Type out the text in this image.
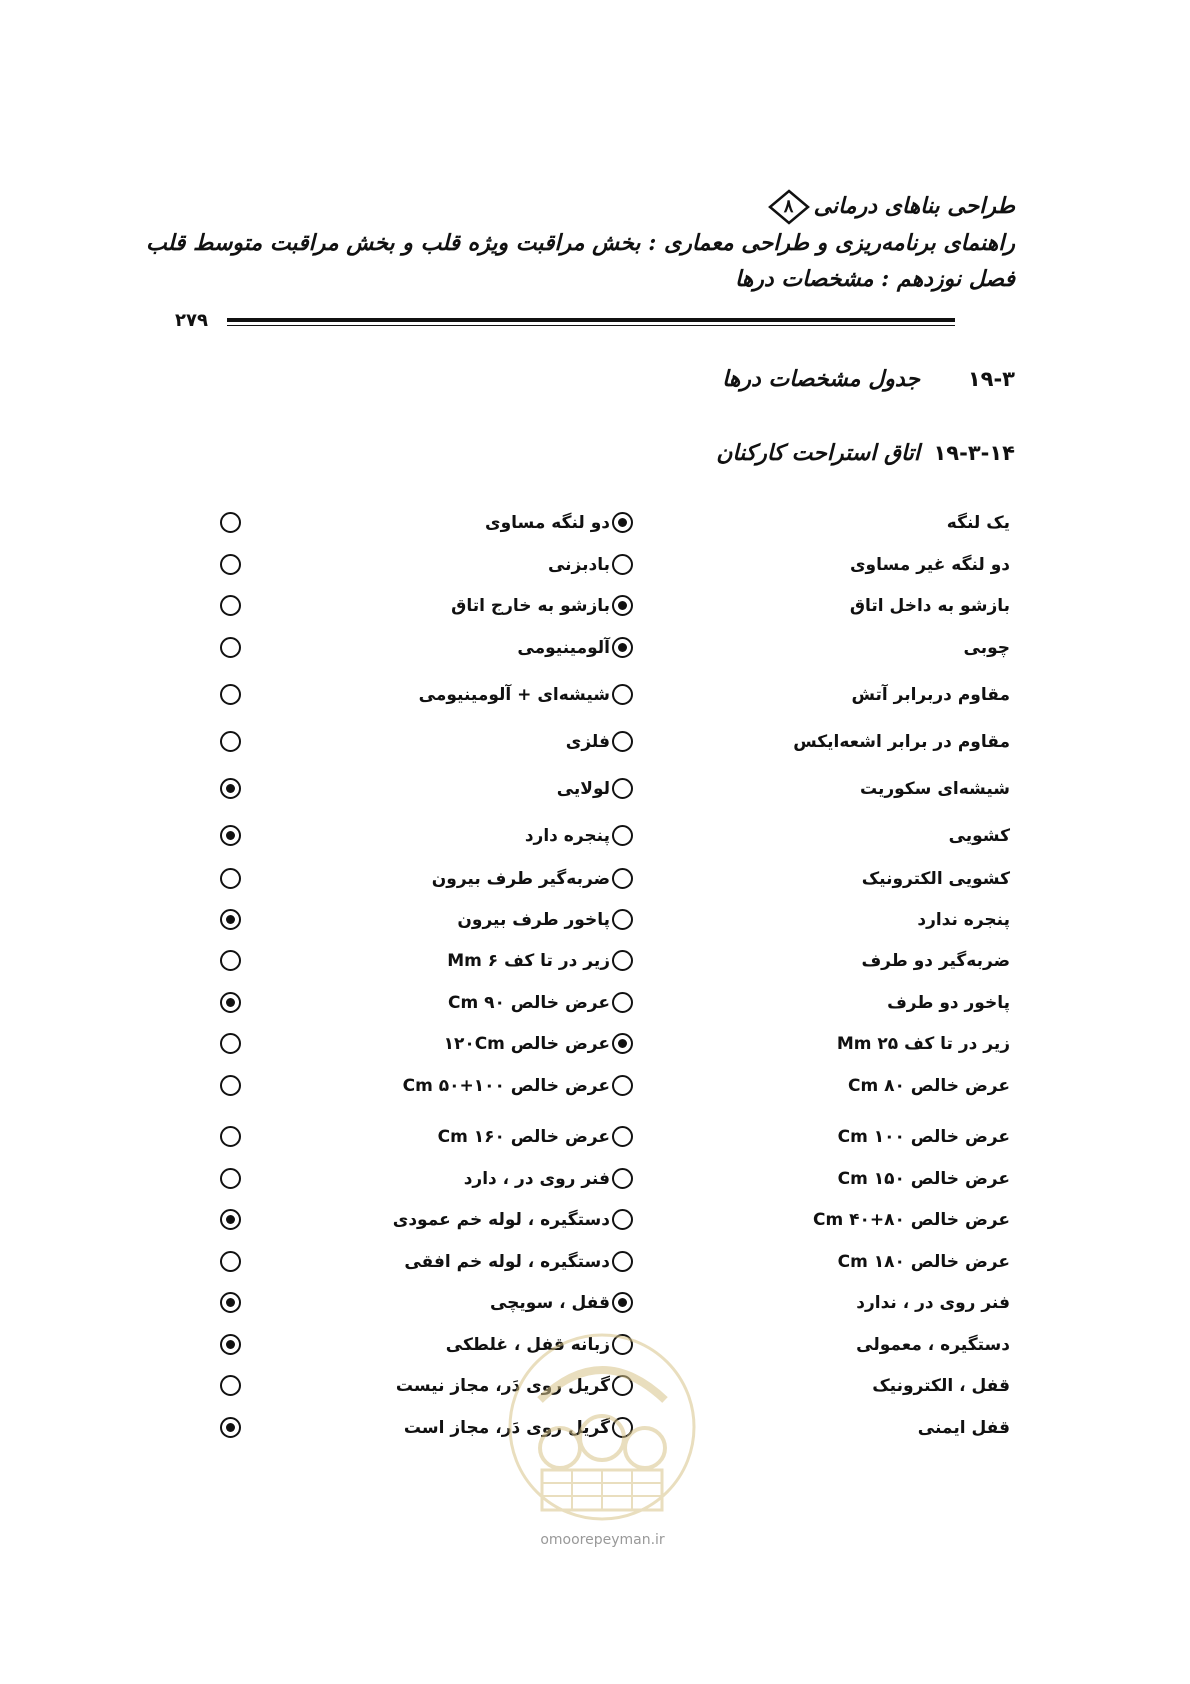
طراحی بناهای درمانی
۸
راهنمای برنامه‌ریزی و طراحی معماری : بخش مراقبت ویژه قلب و بخش مراقبت متوسط قلب
فصل نوزدهم : مشخصات درها
۲۷۹
۱۹-۳جدول مشخصات درها
۱۹-۳-۱۴اتاق استراحت کارکنان
یک لنگه
دو لنگه مساوی
دو لنگه غیر مساوی
بادبزنی
بازشو به داخل اتاق
بازشو به خارج اتاق
چوبی
آلومینیومی
مقاوم دربرابر آتش
شیشه‌ای + آلومینیومی
مقاوم در برابر اشعه‌ایکس
فلزی
شیشه‌ای سکوریت
لولایی
کشویی
پنجره دارد
کشویی الکترونیک
ضربه‌گیر طرف بیرون
پنجره ندارد
پاخور طرف بیرون
ضربه‌گیر دو طرف
زیر در تا کف Mm ۶
پاخور دو طرف
عرض خالص Cm ۹۰
زیر در تا کف Mm ۲۵
عرض خالص ۱۲۰Cm
عرض خالص Cm ۸۰
عرض خالص Cm ۵۰+۱۰۰
عرض خالص Cm ۱۰۰
عرض خالص Cm ۱۶۰
عرض خالص Cm ۱۵۰
فنر روی در ، دارد
عرض خالص Cm ۴۰+۸۰
دستگیره ، لوله خم عمودی
عرض خالص Cm ۱۸۰
دستگیره ، لوله خم افقی
فنر روی در ، ندارد
قفل ، سویچی
دستگیره ، معمولی
زبانه قفل ، غلطکی
قفل ، الکترونیک
گریل روی دَر، مجاز نیست
قفل ایمنی
گریل روی دَر، مجاز است
omoorepeyman.ir
